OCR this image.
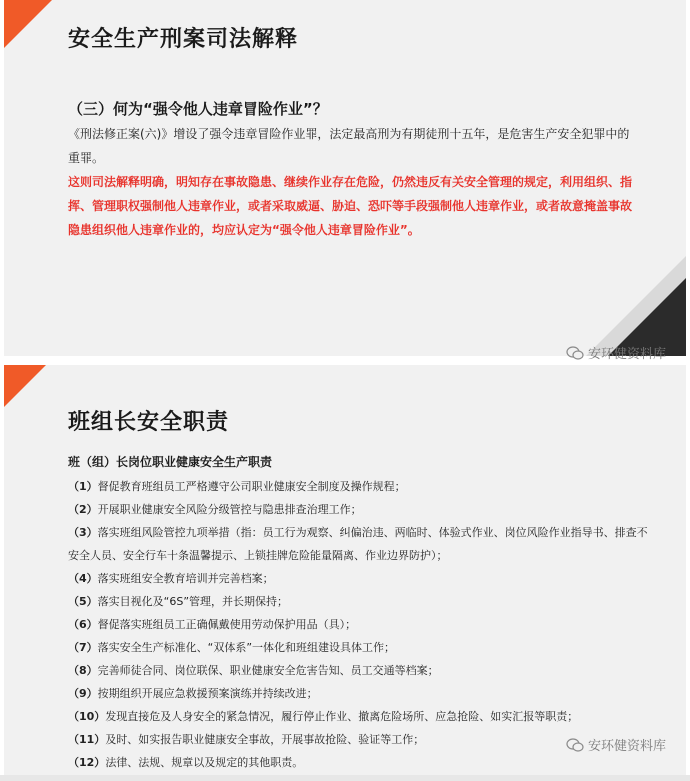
安全生产刑案司法解释
（三）何为“强令他人违章冒险作业”？
《刑法修正案(六)》增设了强令违章冒险作业罪，法定最高刑为有期徒刑十五年，是危害生产安全犯罪中的重罪。
这则司法解释明确，明知存在事故隐患、继续作业存在危险，仍然违反有关安全管理的规定，利用组织、指挥、管理职权强制他人违章作业，或者采取威逼、胁迫、恐吓等手段强制他人违章作业，或者故意掩盖事故隐患组织他人违章作业的，均应认定为“强令他人违章冒险作业”。
班组长安全职责
班（组）长岗位职业健康安全生产职责
（1）督促教育班组员工严格遵守公司职业健康安全制度及操作规程；
（2）开展职业健康安全风险分级管控与隐患排查治理工作；
（3）落实班组风险管控九项举措（指：员工行为观察、纠偏治违、两临时、体验式作业、岗位风险作业指导书、排查不安全人员、安全行车十条温馨提示、上锁挂牌危险能量隔离、作业边界防护）；
（4）落实班组安全教育培训并完善档案；
（5）落实目视化及“6S”管理，并长期保持；
（6）督促落实班组员工正确佩戴使用劳动保护用品（具）；
（7）落实安全生产标准化、“双体系”一体化和班组建设具体工作；
（8）完善师徒合同、岗位联保、职业健康安全危害告知、员工交通等档案；
（9）按期组织开展应急救援预案演练并持续改进；
（10）发现直接危及人身安全的紧急情况，履行停止作业、撤离危险场所、应急抢险、如实汇报等职责；
（11）及时、如实报告职业健康安全事故，开展事故抢险、验证等工作；
（12）法律、法规、规章以及规定的其他职责。
安环健资料库
安环健资料库
